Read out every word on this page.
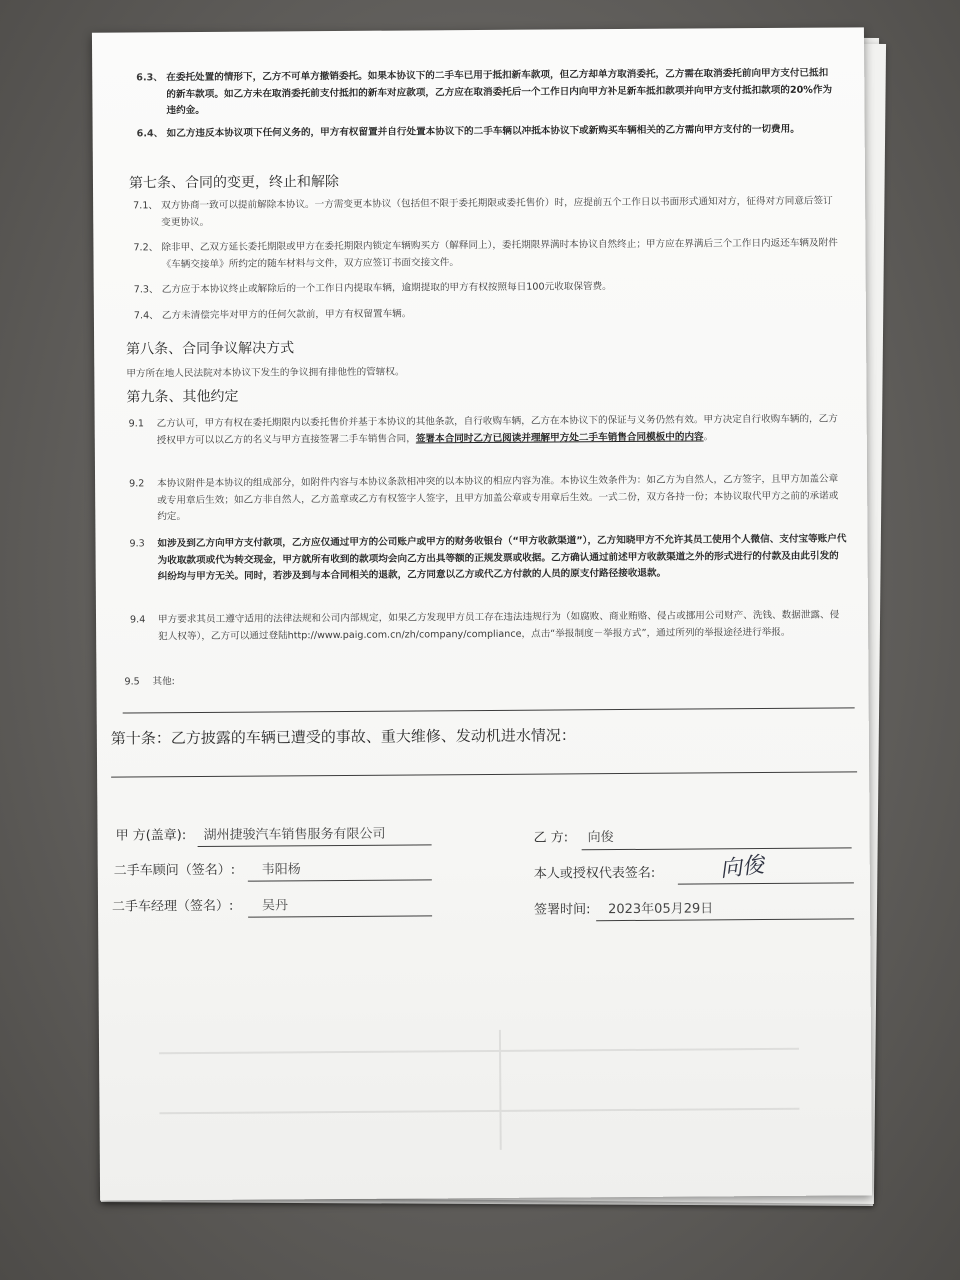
6.3、 在委托处置的情形下，乙方不可单方撤销委托。如果本协议下的二手车已用于抵扣新车款项，但乙方却单方取消委托，乙方需在取消委托前向甲方支付已抵扣的新车款项。如乙方未在取消委托前支付抵扣的新车对应款项，乙方应在取消委托后一个工作日内向甲方补足新车抵扣款项并向甲方支付抵扣款项的20%作为违约金。
6.4、 如乙方违反本协议项下任何义务的，甲方有权留置并自行处置本协议下的二手车辆以冲抵本协议下或新购买车辆相关的乙方需向甲方支付的一切费用。
第七条、合同的变更，终止和解除
7.1、 双方协商一致可以提前解除本协议。一方需变更本协议（包括但不限于委托期限或委托售价）时，应提前五个工作日以书面形式通知对方，征得对方同意后签订变更协议。
7.2、 除非甲、乙双方延长委托期限或甲方在委托期限内锁定车辆购买方（解释同上），委托期限界满时本协议自然终止；甲方应在界满后三个工作日内返还车辆及附件《车辆交接单》所约定的随车材料与文件，双方应签订书面交接文件。
7.3、 乙方应于本协议终止或解除后的一个工作日内提取车辆，逾期提取的甲方有权按照每日100元收取保管费。
7.4、 乙方未清偿完毕对甲方的任何欠款前，甲方有权留置车辆。
第八条、合同争议解决方式
甲方所在地人民法院对本协议下发生的争议拥有排他性的管辖权。
第九条、其他约定
9.1 乙方认可，甲方有权在委托期限内以委托售价并基于本协议的其他条款，自行收购车辆，乙方在本协议下的保证与义务仍然有效。甲方决定自行收购车辆的，乙方授权甲方可以以乙方的名义与甲方直接签署二手车销售合同，签署本合同时乙方已阅读并理解甲方处二手车销售合同模板中的内容。
9.2 本协议附件是本协议的组成部分，如附件内容与本协议条款相冲突的以本协议的相应内容为准。本协议生效条件为：如乙方为自然人，乙方签字，且甲方加盖公章或专用章后生效；如乙方非自然人，乙方盖章或乙方有权签字人签字，且甲方加盖公章或专用章后生效。一式二份，双方各持一份；本协议取代甲方之前的承诺或约定。
9.3 如涉及到乙方向甲方支付款项，乙方应仅通过甲方的公司账户或甲方的财务收银台（“甲方收款渠道”），乙方知晓甲方不允许其员工使用个人微信、支付宝等账户代为收取款项或代为转交现金，甲方就所有收到的款项均会向乙方出具等额的正规发票或收据。乙方确认通过前述甲方收款渠道之外的形式进行的付款及由此引发的纠纷均与甲方无关。同时，若涉及到与本合同相关的退款，乙方同意以乙方或代乙方付款的人员的原支付路径接收退款。
9.4 甲方要求其员工遵守适用的法律法规和公司内部规定，如果乙方发现甲方员工存在违法违规行为（如腐败、商业贿赂、侵占或挪用公司财产、洗钱、数据泄露、侵犯人权等），乙方可以通过登陆http://www.paig.com.cn/zh/company/compliance，点击“举报制度－举报方式”，通过所列的举报途径进行举报。
9.5 其他:
第十条：乙方披露的车辆已遭受的事故、重大维修、发动机进水情况：
甲 方(盖章): 湖州捷骏汽车销售服务有限公司
二手车顾问（签名）: 韦阳杨
二手车经理（签名）: 吴丹
乙 方: 向俊
本人或授权代表签名:	向俊
签署时间: 2023年05月29日
